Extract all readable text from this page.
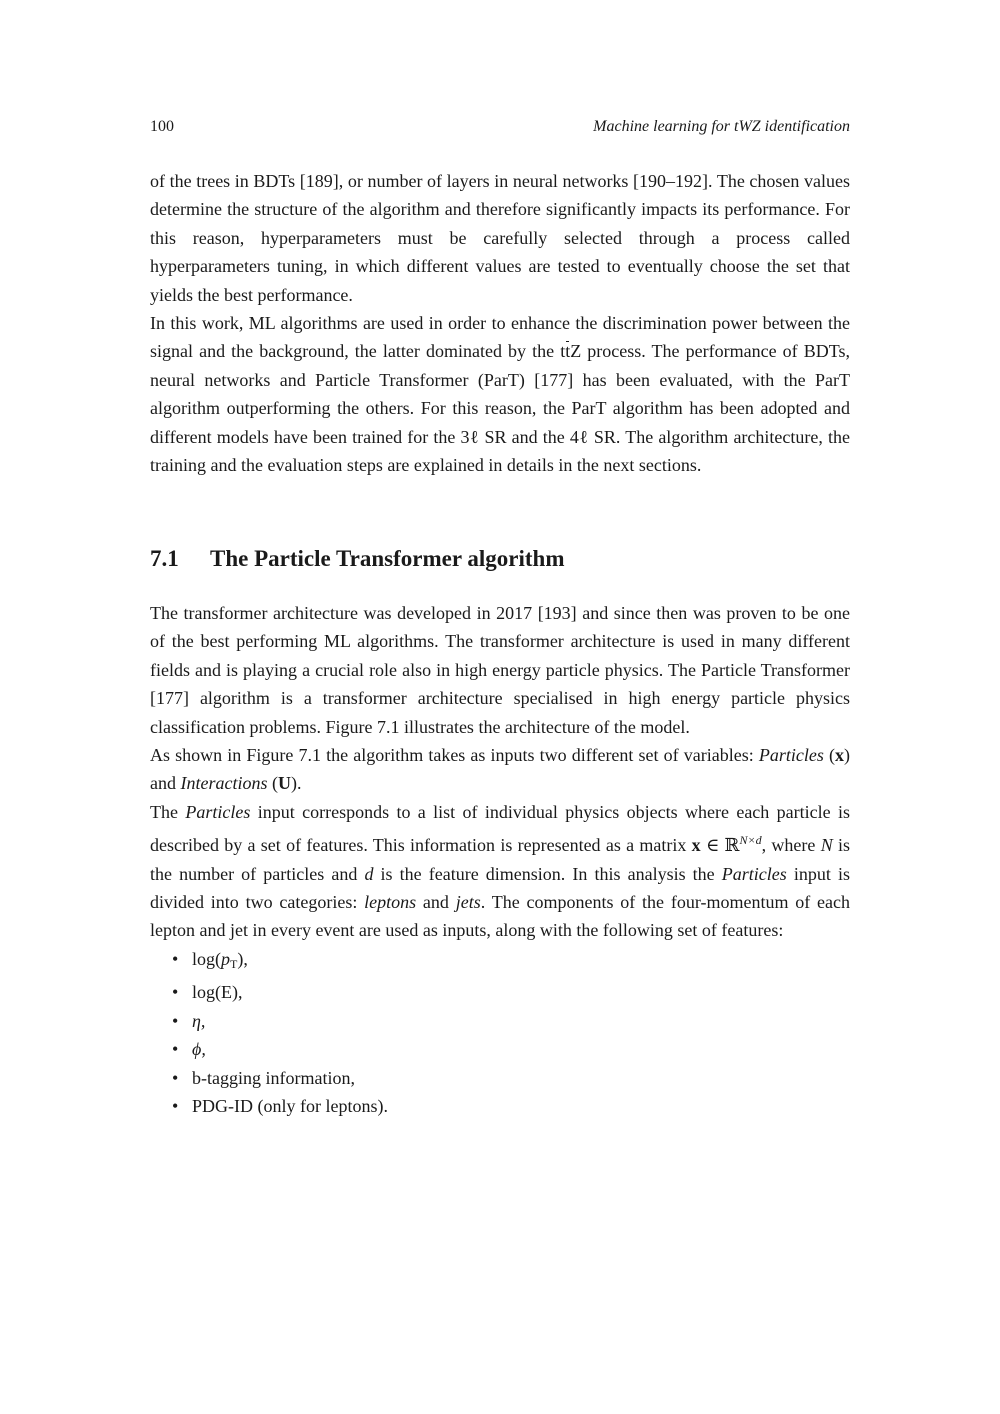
100	Machine learning for tWZ identification

of the trees in BDTs [189], or number of layers in neural networks [190–192]. The chosen values determine the structure of the algorithm and therefore significantly impacts its performance. For this reason, hyperparameters must be carefully selected through a process called hyperparameters tuning, in which different values are tested to eventually choose the set that yields the best performance.

In this work, ML algorithms are used in order to enhance the discrimination power between the signal and the background, the latter dominated by the ttZ process. The performance of BDTs, neural networks and Particle Transformer (ParT) [177] has been evaluated, with the ParT algorithm outperforming the others. For this reason, the ParT algorithm has been adopted and different models have been trained for the 3ℓ SR and the 4ℓ SR. The algorithm architecture, the training and the evaluation steps are explained in details in the next sections.

7.1 The Particle Transformer algorithm

The transformer architecture was developed in 2017 [193] and since then was proven to be one of the best performing ML algorithms. The transformer architecture is used in many different fields and is playing a crucial role also in high energy particle physics. The Particle Transformer [177] algorithm is a transformer architecture specialised in high energy particle physics classification problems. Figure 7.1 illustrates the architecture of the model.

As shown in Figure 7.1 the algorithm takes as inputs two different set of variables: Particles (x) and Interactions (U).

The Particles input corresponds to a list of individual physics objects where each particle is described by a set of features. This information is represented as a matrix x ∈ ℝ$^{N\times d}$, where N is the number of particles and d is the feature dimension. In this analysis the Particles input is divided into two categories: leptons and jets. The components of the four-momentum of each lepton and jet in every event are used as inputs, along with the following set of features:

• $\log(p_T)$,
• log(E),
• η,
• ϕ,
• b-tagging information,
• PDG-ID (only for leptons).
